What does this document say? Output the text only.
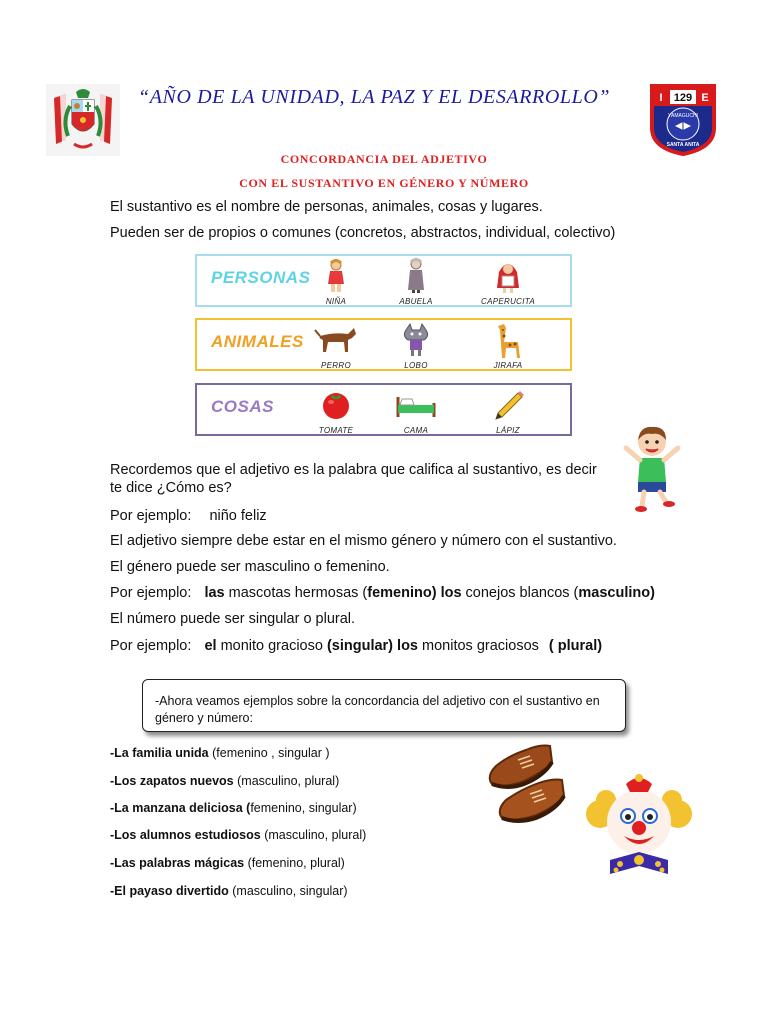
“AÑO DE LA UNIDAD, LA PAZ Y EL DESARROLLO”	129
I	E
YAMAGUCHI
SANTA ANITA
CONCORDANCIA DEL ADJETIVO
CON EL SUSTANTIVO EN GÉNERO Y NÚMERO
El sustantivo es el nombre de personas, animales, cosas y lugares.
Pueden ser de propios o comunes (concretos, abstractos, individual, colectivo)
PERSONAS
NIÑA	ABUELA	CAPERUCITA
ANIMALES
PERRO	LOBO	JIRAFA
COSAS
TOMATE	CAMA	LÁPIZ
Recordemos que el adjetivo es la palabra que califica al sustantivo, es decir
te dice ¿Cómo es?
Por ejemplo: niño feliz
El adjetivo siempre debe estar en el mismo género y número con el sustantivo.
El género puede ser masculino o femenino.
Por ejemplo: las mascotas hermosas (femenino) los conejos blancos (masculino)
El número puede ser singular o plural.
Por ejemplo: el monito gracioso (singular) los monitos graciosos ( plural)
-Ahora veamos ejemplos sobre la concordancia del adjetivo con el sustantivo en género y número:
-La familia unida (femenino , singular )
-Los zapatos nuevos (masculino, plural)
-La manzana deliciosa (femenino, singular)
-Los alumnos estudiosos (masculino, plural)
-Las palabras mágicas (femenino, plural)
-El payaso divertido (masculino, singular)
